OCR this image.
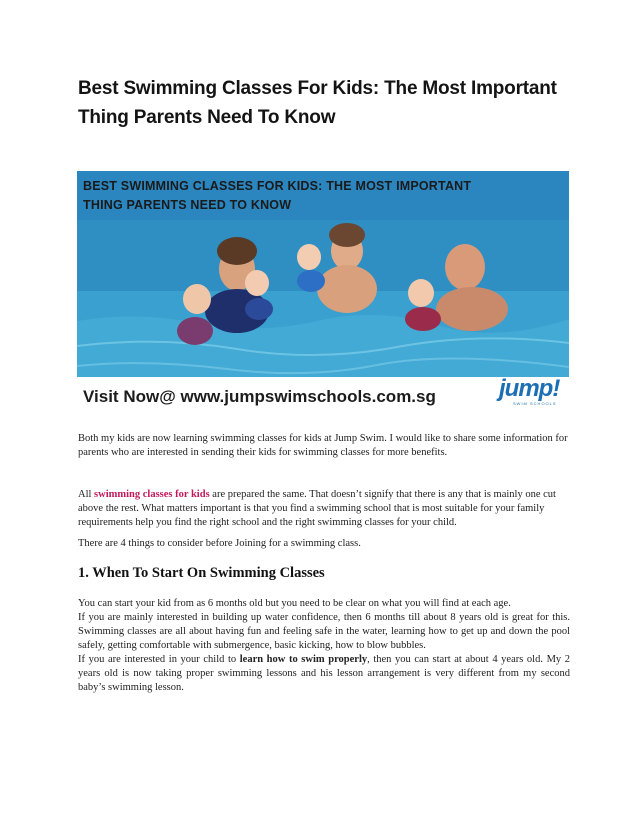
Best Swimming Classes For Kids: The Most Important Thing Parents Need To Know
BEST SWIMMING CLASSES FOR KIDS: THE MOST IMPORTANT
THING PARENTS NEED TO KNOW
Visit Now@ www.jumpswimschools.com.sg	jump!
SWIM SCHOOLS

Both my kids are now learning swimming classes for kids at Jump Swim. I would like to share some information for parents who are interested in sending their kids for swimming classes for more benefits.

All swimming classes for kids are prepared the same. That doesn’t signify that there is any that is mainly one cut above the rest. What matters important is that you find a swimming school that is most suitable for your family requirements help you find the right school and the right swimming classes for your child.

There are 4 things to consider before Joining for a swimming class.

1. When To Start On Swimming Classes
You can start your kid from as 6 months old but you need to be clear on what you will find at each age.
If you are mainly interested in building up water confidence, then 6 months till about 8 years old is great for this. Swimming classes are all about having fun and feeling safe in the water, learning how to get up and down the pool safely, getting comfortable with submergence, basic kicking, how to blow bubbles.
If you are interested in your child to learn how to swim properly, then you can start at about 4 years old. My 2 years old is now taking proper swimming lessons and his lesson arrangement is very different from my second baby’s swimming lesson.
